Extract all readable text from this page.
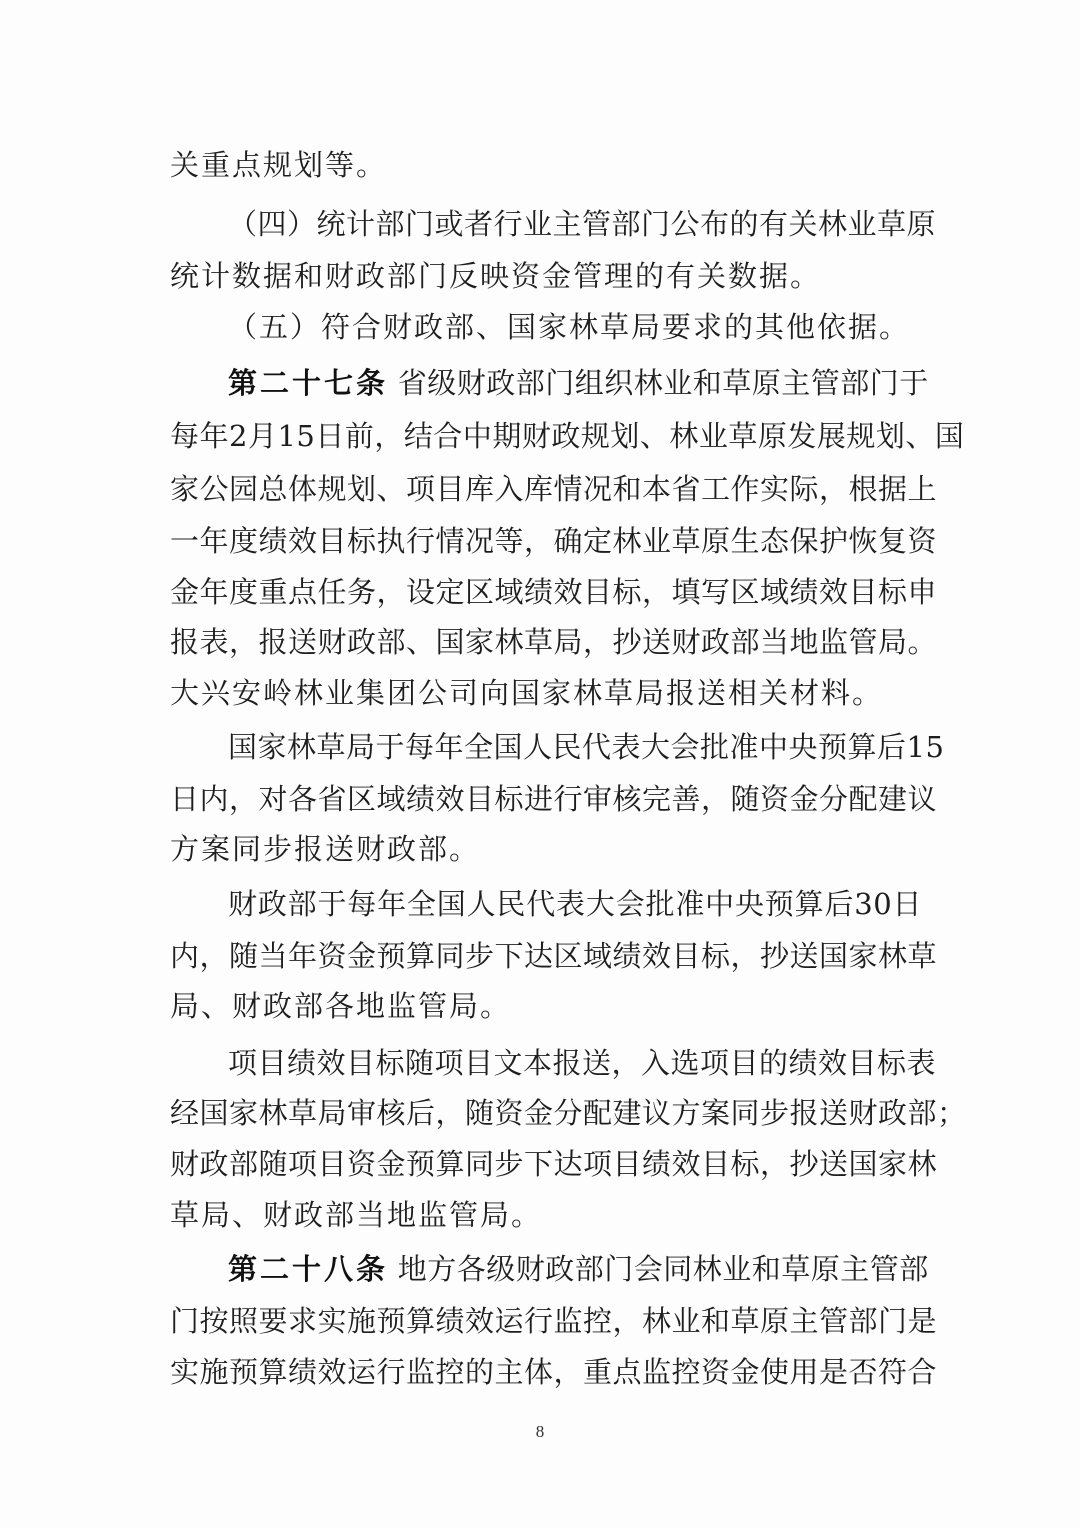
关重点规划等。
（四）统计部门或者行业主管部门公布的有关林业草原
统计数据和财政部门反映资金管理的有关数据。
（五）符合财政部、国家林草局要求的其他依据。
第二十七条 省级财政部门组织林业和草原主管部门于
每年2月15日前，结合中期财政规划、林业草原发展规划、国
家公园总体规划、项目库入库情况和本省工作实际，根据上
一年度绩效目标执行情况等，确定林业草原生态保护恢复资
金年度重点任务，设定区域绩效目标，填写区域绩效目标申
报表，报送财政部、国家林草局，抄送财政部当地监管局。
大兴安岭林业集团公司向国家林草局报送相关材料。
国家林草局于每年全国人民代表大会批准中央预算后15
日内，对各省区域绩效目标进行审核完善，随资金分配建议
方案同步报送财政部。
财政部于每年全国人民代表大会批准中央预算后30日
内，随当年资金预算同步下达区域绩效目标，抄送国家林草
局、财政部各地监管局。
项目绩效目标随项目文本报送，入选项目的绩效目标表
经国家林草局审核后，随资金分配建议方案同步报送财政部；
财政部随项目资金预算同步下达项目绩效目标，抄送国家林
草局、财政部当地监管局。
第二十八条 地方各级财政部门会同林业和草原主管部
门按照要求实施预算绩效运行监控，林业和草原主管部门是
实施预算绩效运行监控的主体，重点监控资金使用是否符合
8
